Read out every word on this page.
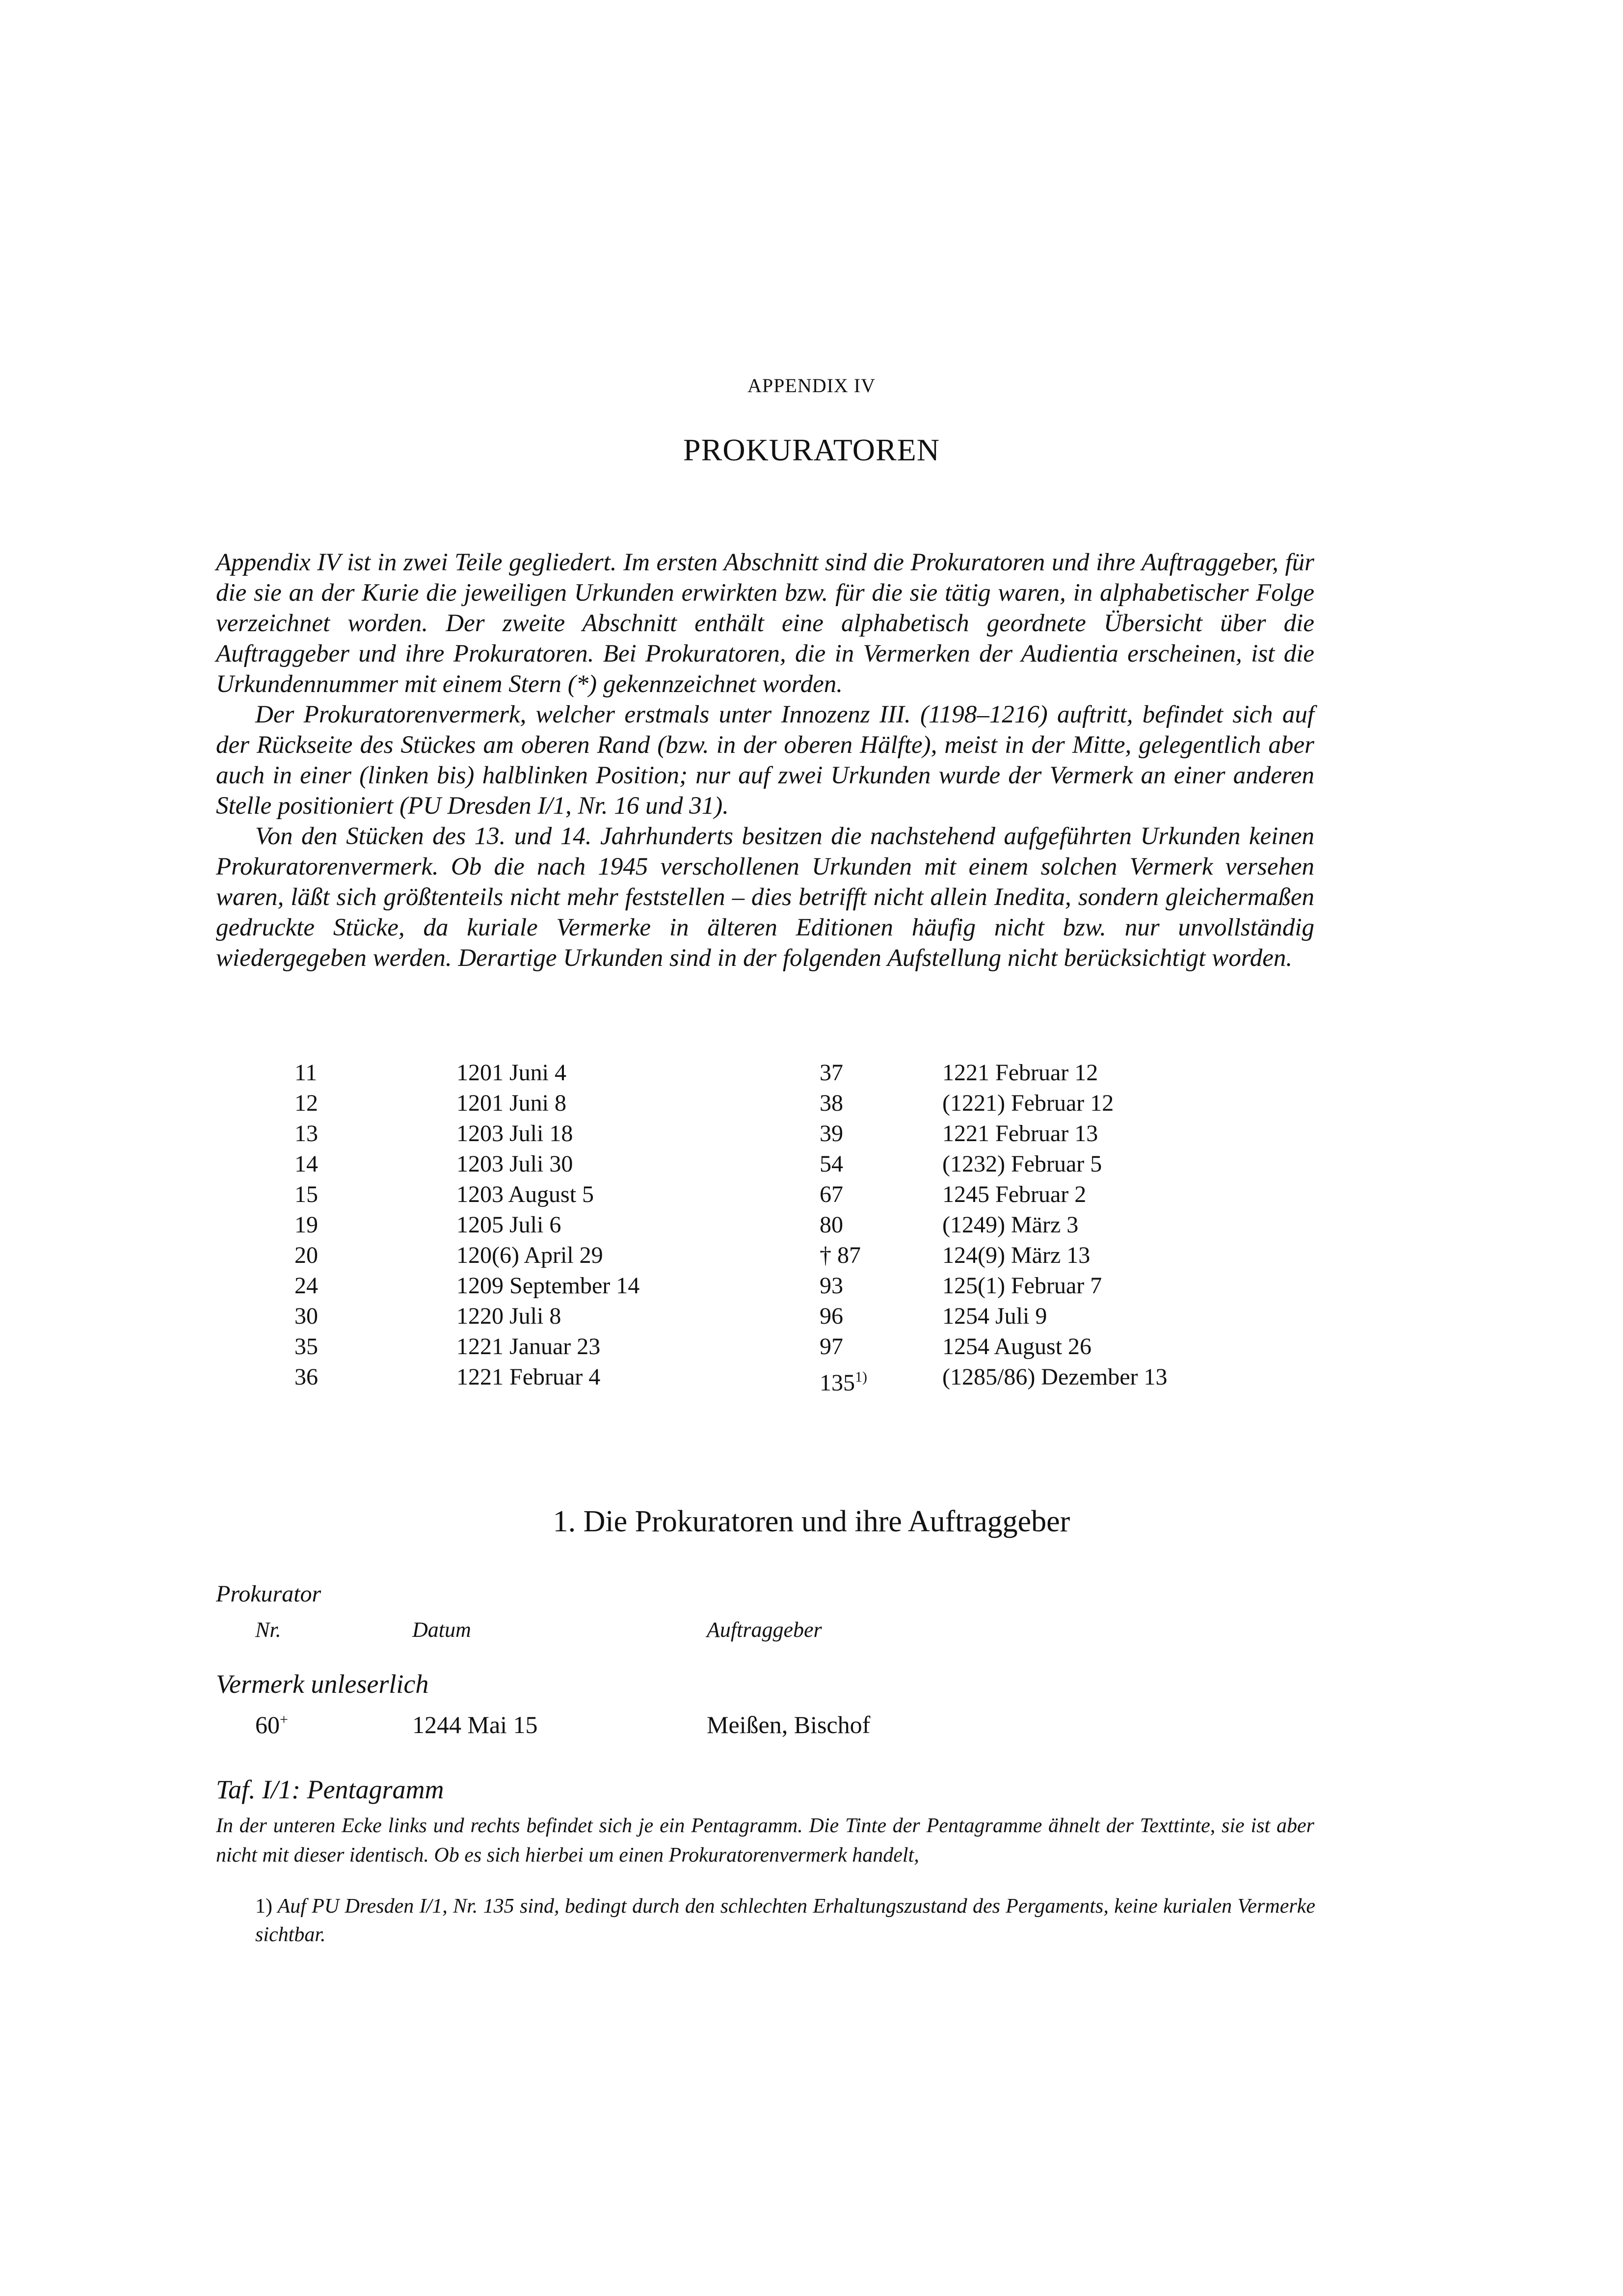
APPENDIX IV
PROKURATOREN

Appendix IV ist in zwei Teile gegliedert. Im ersten Abschnitt sind die Prokuratoren und ihre Auftraggeber, für die sie an der Kurie die jeweiligen Urkunden erwirkten bzw. für die sie tätig waren, in alphabetischer Folge verzeichnet worden. Der zweite Abschnitt enthält eine alphabetisch geordnete Übersicht über die Auftraggeber und ihre Prokuratoren. Bei Prokuratoren, die in Vermerken der Audientia erscheinen, ist die Urkundennummer mit einem Stern (*) gekennzeichnet worden.

Der Prokuratorenvermerk, welcher erstmals unter Innozenz III. (1198–1216) auftritt, befindet sich auf der Rückseite des Stückes am oberen Rand (bzw. in der oberen Hälfte), meist in der Mitte, gelegentlich aber auch in einer (linken bis) halblinken Position; nur auf zwei Urkunden wurde der Vermerk an einer anderen Stelle positioniert (PU Dresden I/1, Nr. 16 und 31).

Von den Stücken des 13. und 14. Jahrhunderts besitzen die nachstehend aufgeführten Urkunden keinen Prokuratorenvermerk. Ob die nach 1945 verschollenen Urkunden mit einem solchen Vermerk versehen waren, läßt sich größtenteils nicht mehr feststellen – dies betrifft nicht allein Inedita, sondern gleichermaßen gedruckte Stücke, da kuriale Vermerke in älteren Editionen häufig nicht bzw. nur unvollständig wiedergegeben werden. Derartige Urkunden sind in der folgenden Aufstellung nicht berücksichtigt worden.

11	1201 Juni 4	37	1221 Februar 12
12	1201 Juni 8	38	(1221) Februar 12
13	1203 Juli 18	39	1221 Februar 13
14	1203 Juli 30	54	(1232) Februar 5
15	1203 August 5	67	1245 Februar 2
19	1205 Juli 6	80	(1249) März 3
20	120(6) April 29	† 87	124(9) März 13
24	1209 September 14	93	125(1) Februar 7
30	1220 Juli 8	96	1254 Juli 9
35	1221 Januar 23	97	1254 August 26
36	1221 Februar 4	135$^{1)}$	(1285/86) Dezember 13
1. Die Prokuratoren und ihre Auftraggeber
Prokurator
Nr.	Datum	Auftraggeber
Vermerk unleserlich
60+	1244 Mai 15	Meißen, Bischof
Taf. I/1: Pentagramm
In der unteren Ecke links und rechts befindet sich je ein Pentagramm. Die Tinte der Pentagramme ähnelt der Texttinte, sie ist aber nicht mit dieser identisch. Ob es sich hierbei um einen Prokuratorenvermerk handelt,
1) Auf PU Dresden I/1, Nr. 135 sind, bedingt durch den schlechten Erhaltungszustand des Pergaments, keine kurialen Vermerke sichtbar.
